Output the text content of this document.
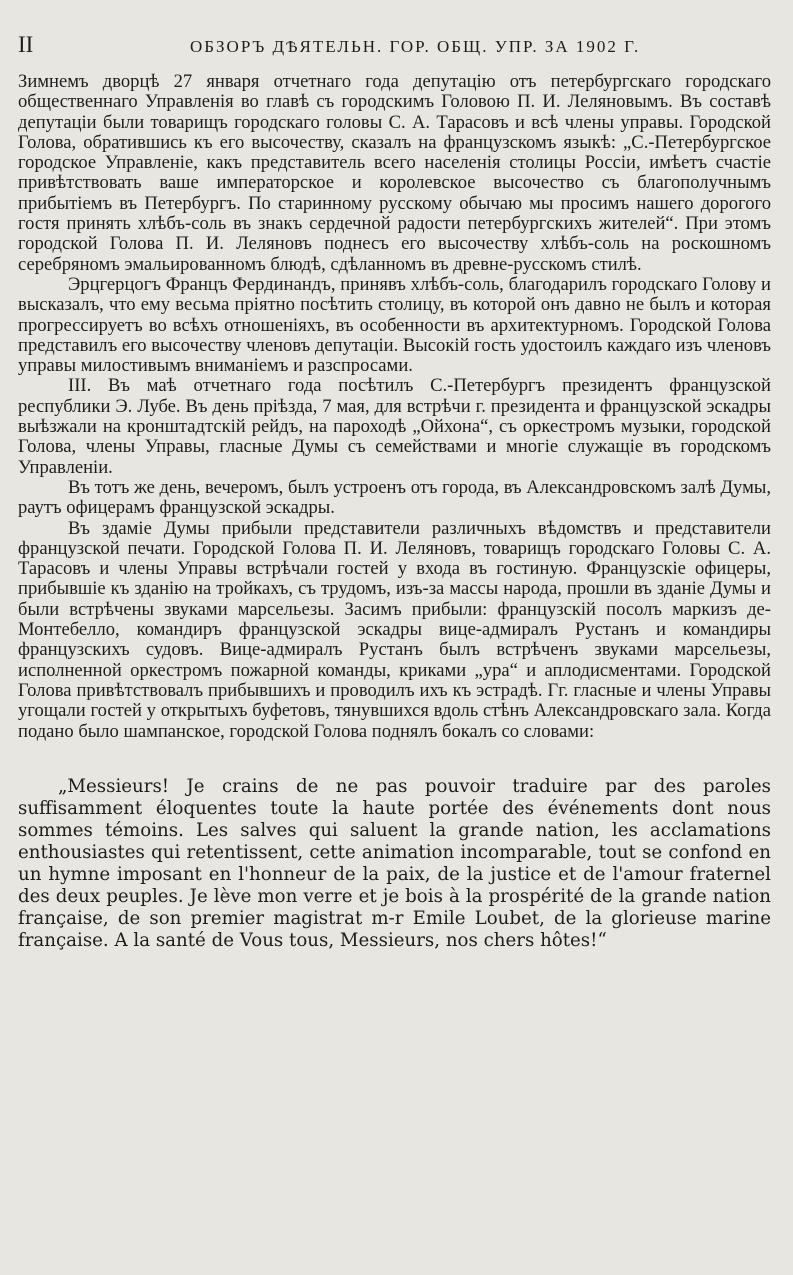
II	ОБЗОРЪ ДѢЯТЕЛЬН. ГОР. ОБЩ. УПР. ЗА 1902 Г.

Зимнемъ дворцѣ 27 января отчетнаго года депутацію отъ петербургскаго городскаго общественнаго Управленія во главѣ съ городскимъ Головою П. И. Леляновымъ. Въ составѣ депутаціи были товарищъ городскаго головы С. А. Тарасовъ и всѣ члены управы. Городской Голова, обратившись къ его высочеству, сказалъ на французскомъ языкѣ: „С.-Петербургское городское Управленіе, какъ представитель всего населенія столицы Россіи, имѣетъ счастіе привѣтствовать ваше императорское и королевское высочество съ благополучнымъ прибытіемъ въ Петербургъ. По старинному русскому обычаю мы просимъ нашего дорогого гостя принять хлѣбъ-соль въ знакъ сердечной радости петербургскихъ жителей“. При этомъ городской Голова П. И. Леляновъ поднесъ его высочеству хлѣбъ-соль на роскошномъ серебряномъ эмальированномъ блюдѣ, сдѣланномъ въ древне-русскомъ стилѣ.

Эрцгерцогъ Францъ Фердинандъ, принявъ хлѣбъ-соль, благодарилъ городскаго Голову и высказалъ, что ему весьма пріятно посѣтить столицу, въ которой онъ давно не былъ и которая прогрессируетъ во всѣхъ отношеніяхъ, въ особенности въ архитектурномъ. Городской Голова представилъ его высочеству членовъ депутаціи. Высокій гость удостоилъ каждаго изъ членовъ управы милостивымъ вниманіемъ и разспросами.

III. Въ маѣ отчетнаго года посѣтилъ С.-Петербургъ президентъ французской республики Э. Лубе. Въ день пріѣзда, 7 мая, для встрѣчи г. президента и французской эскадры выѣзжали на кронштадтскій рейдъ, на пароходѣ „Ойхона“, съ оркестромъ музыки, городской Голова, члены Управы, гласные Думы съ семействами и многіе служащіе въ городскомъ Управленіи.

Въ тотъ же день, вечеромъ, былъ устроенъ отъ города, въ Александровскомъ залѣ Думы, раутъ офицерамъ французской эскадры.

Въ здаміе Думы прибыли представители различныхъ вѣдомствъ и представители французской печати. Городской Голова П. И. Леляновъ, товарищъ городскаго Головы С. А. Тарасовъ и члены Управы встрѣчали гостей у входа въ гостиную. Французскіе офицеры, прибывшіе къ зданію на тройкахъ, съ трудомъ, изъ-за массы народа, прошли въ зданіе Думы и были встрѣчены звуками марсельезы. Засимъ прибыли: французскій посолъ маркизъ де-Монтебелло, командиръ французской эскадры вице-адмиралъ Рустанъ и командиры французскихъ судовъ. Вице-адмиралъ Рустанъ былъ встрѣченъ звуками марсельезы, исполненной оркестромъ пожарной команды, криками „ура“ и аплодисментами. Городской Голова привѣтствовалъ прибывшихъ и проводилъ ихъ къ эстрадѣ. Гг. гласные и члены Управы угощали гостей у открытыхъ буфетовъ, тянувшихся вдоль стѣнъ Александровскаго зала. Когда подано было шампанское, городской Голова поднялъ бокалъ со словами:

„Messieurs! Je crains de ne pas pouvoir traduire par des paroles suffisamment éloquentes toute la haute portée des événements dont nous sommes témoins. Les salves qui saluent la grande nation, les acclamations enthousiastes qui retentissent, cette animation incomparable, tout se confond en un hymne imposant en l'honneur de la paix, de la justice et de l'amour fraternel des deux peuples. Je lève mon verre et je bois à la prospérité de la grande nation française, de son premier magistrat m-r Emile Loubet, de la glorieuse marine française. A la santé de Vous tous, Messieurs, nos chers hôtes!“
